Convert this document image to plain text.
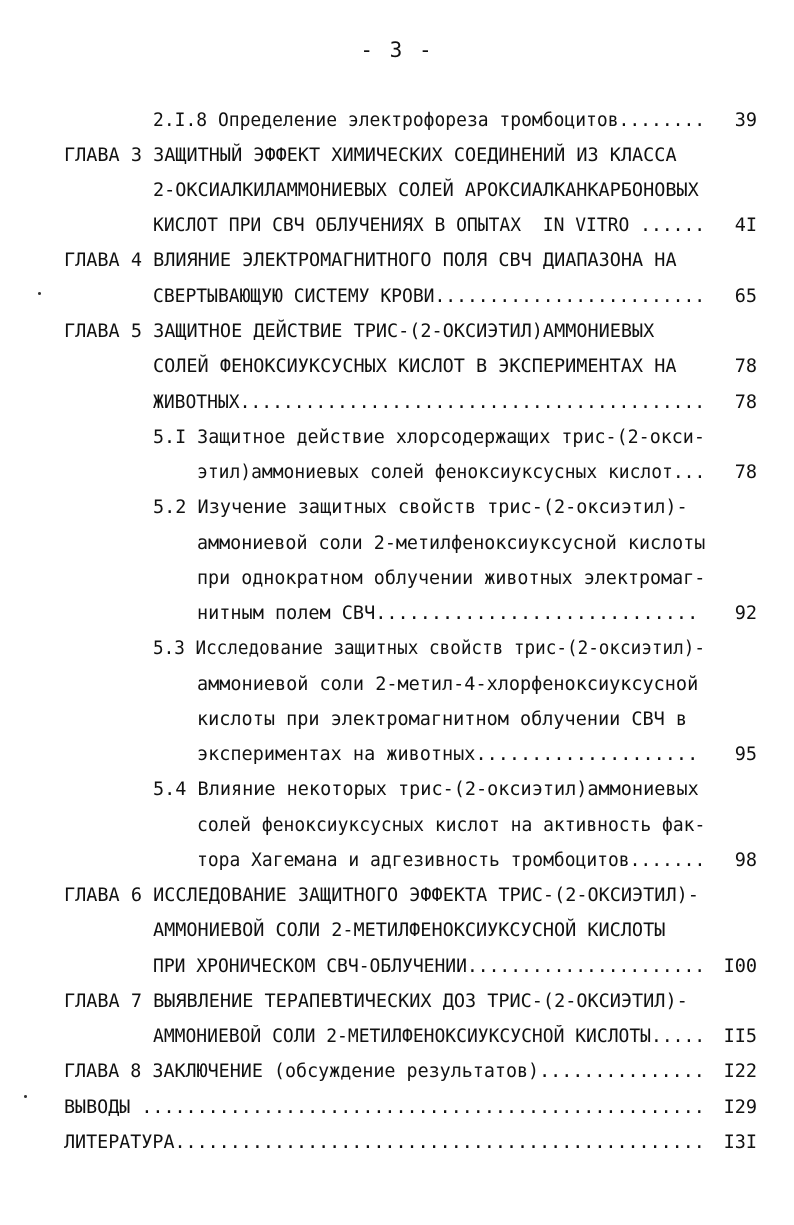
- 3 -
2.I.8 Определение электрофореза тромбоцитов........	39
ГЛАВА 3 ЗАЩИТНЫЙ ЭФФЕКТ ХИМИЧЕСКИХ СОЕДИНЕНИЙ ИЗ КЛАССА
2-ОКСИАЛКИЛАММОНИЕВЫХ СОЛЕЙ АРОКСИАЛКАНКАРБОНОВЫХ
КИСЛОТ ПРИ СВЧ ОБЛУЧЕНИЯХ В ОПЫТАХ  IN VITRO ......	4I
ГЛАВА 4 ВЛИЯНИЕ ЭЛЕКТРОМАГНИТНОГО ПОЛЯ СВЧ ДИАПАЗОНА НА
СВЕРТЫВАЮЩУЮ СИСТЕМУ КРОВИ.........................	65
ГЛАВА 5 ЗАЩИТНОЕ ДЕЙСТВИЕ ТРИС-(2-ОКСИЭТИЛ)АММОНИЕВЫХ
СОЛЕЙ ФЕНОКСИУКСУСНЫХ КИСЛОТ В ЭКСПЕРИМЕНТАХ НА	78
ЖИВОТНЫХ...........................................	78
5.I Защитное действие хлорсодержащих трис-(2-окси-
этил)аммониевых солей феноксиуксусных кислот...	78
5.2 Изучение защитных свойств трис-(2-оксиэтил)-
аммониевой соли 2-метилфеноксиуксусной кислоты
при однократном облучении животных электромаг-
нитным полем СВЧ.............................	92
5.3 Исследование защитных свойств трис-(2-оксиэтил)-
аммониевой соли 2-метил-4-хлорфеноксиуксусной
кислоты при электромагнитном облучении СВЧ в
экспериментах на животных....................	95
5.4 Влияние некоторых трис-(2-оксиэтил)аммониевых
солей феноксиуксусных кислот на активность фак-
тора Хагемана и адгезивность тромбоцитов.......	98
ГЛАВА 6 ИССЛЕДОВАНИЕ ЗАЩИТНОГО ЭФФЕКТА ТРИС-(2-ОКСИЭТИЛ)-
АММОНИЕВОЙ СОЛИ 2-МЕТИЛФЕНОКСИУКСУСНОЙ КИСЛОТЫ
ПРИ ХРОНИЧЕСКОМ СВЧ-ОБЛУЧЕНИИ...................... I00
ГЛАВА 7 ВЫЯВЛЕНИЕ ТЕРАПЕВТИЧЕСКИХ ДОЗ ТРИС-(2-ОКСИЭТИЛ)-
АММОНИЕВОЙ СОЛИ 2-МЕТИЛФЕНОКСИУКСУСНОЙ КИСЛОТЫ..... II5
ГЛАВА 8 ЗАКЛЮЧЕНИЕ (обсуждение результатов)...............	I22
ВЫВОДЫ ...................................................	I29
ЛИТЕРАТУРА................................................	I3I
